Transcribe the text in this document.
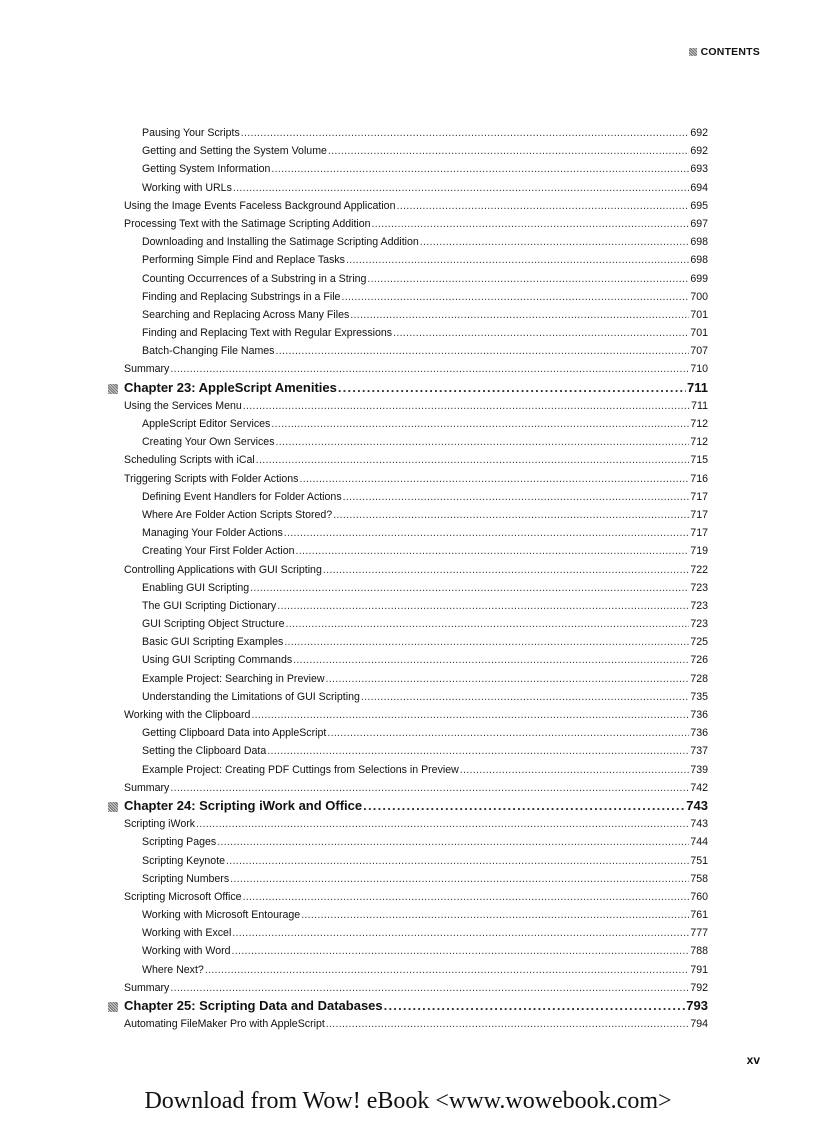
CONTENTS
Pausing Your Scripts .....	692
Getting and Setting the System Volume .....	692
Getting System Information .....	693
Working with URLs .....	694
Using the Image Events Faceless Background Application .....	695
Processing Text with the Satimage Scripting Addition .....	697
Downloading and Installing the Satimage Scripting Addition .....	698
Performing Simple Find and Replace Tasks .....	698
Counting Occurrences of a Substring in a String .....	699
Finding and Replacing Substrings in a File .....	700
Searching and Replacing Across Many Files .....	701
Finding and Replacing Text with Regular Expressions .....	701
Batch-Changing File Names .....	707
Summary .....	710
Chapter 23: AppleScript Amenities .....	711
Using the Services Menu .....	711
AppleScript Editor Services .....	712
Creating Your Own Services .....	712
Scheduling Scripts with iCal .....	715
Triggering Scripts with Folder Actions .....	716
Defining Event Handlers for Folder Actions .....	717
Where Are Folder Action Scripts Stored? .....	717
Managing Your Folder Actions .....	717
Creating Your First Folder Action .....	719
Controlling Applications with GUI Scripting .....	722
Enabling GUI Scripting .....	723
The GUI Scripting Dictionary .....	723
GUI Scripting Object Structure .....	723
Basic GUI Scripting Examples .....	725
Using GUI Scripting Commands .....	726
Example Project: Searching in Preview .....	728
Understanding the Limitations of GUI Scripting .....	735
Working with the Clipboard .....	736
Getting Clipboard Data into AppleScript .....	736
Setting the Clipboard Data .....	737
Example Project: Creating PDF Cuttings from Selections in Preview .....	739
Summary .....	742
Chapter 24: Scripting iWork and Office .....	743
Scripting iWork .....	743
Scripting Pages .....	744
Scripting Keynote .....	751
Scripting Numbers .....	758
Scripting Microsoft Office .....	760
Working with Microsoft Entourage .....	761
Working with Excel .....	777
Working with Word .....	788
Where Next? .....	791
Summary .....	792
Chapter 25: Scripting Data and Databases .....	793
Automating FileMaker Pro with AppleScript .....	794
xv
Download from Wow! eBook <www.wowebook.com>
